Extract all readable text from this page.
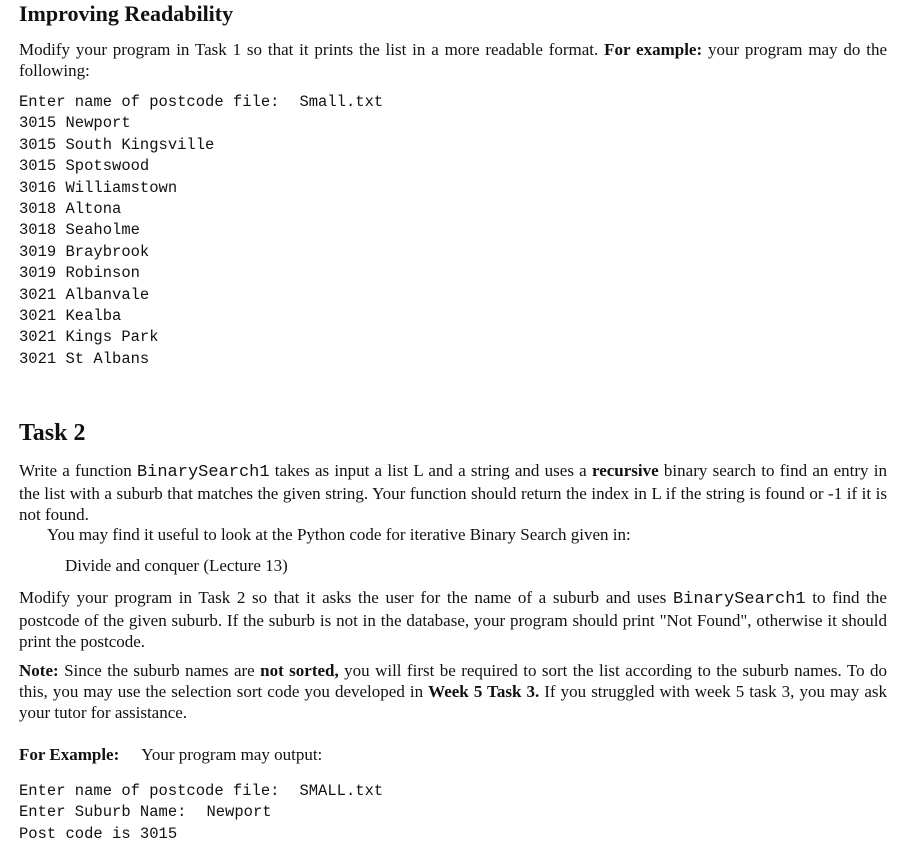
Improving Readability

Modify your program in Task 1 so that it prints the list in a more readable format. For example: your program may do the following:

Enter name of postcode file: Small.txt
3015 Newport
3015 South Kingsville
3015 Spotswood
3016 Williamstown
3018 Altona
3018 Seaholme
3019 Braybrook
3019 Robinson
3021 Albanvale
3021 Kealba
3021 Kings Park
3021 St Albans
Task 2

Write a function BinarySearch1 takes as input a list L and a string and uses a recursive binary search to find an entry in the list with a suburb that matches the given string. Your function should return the index in L if the string is found or -1 if it is not found.

You may find it useful to look at the Python code for iterative Binary Search given in:

Divide and conquer (Lecture 13)

Modify your program in Task 2 so that it asks the user for the name of a suburb and uses BinarySearch1 to find the postcode of the given suburb. If the suburb is not in the database, your program should print "Not Found", otherwise it should print the postcode.

Note: Since the suburb names are not sorted, you will first be required to sort the list according to the suburb names. To do this, you may use the selection sort code you developed in Week 5 Task 3. If you struggled with week 5 task 3, you may ask your tutor for assistance.

For Example: Your program may output:

Enter name of postcode file: SMALL.txt
Enter Suburb Name: Newport
Post code is 3015
